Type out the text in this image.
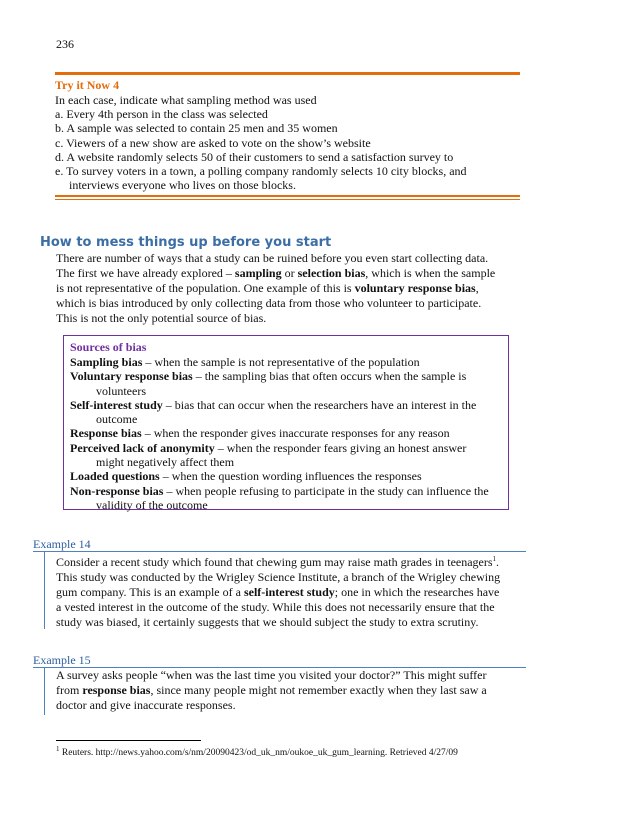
236
Try it Now 4
In each case, indicate what sampling method was used
a. Every 4th person in the class was selected
b. A sample was selected to contain 25 men and 35 women
c. Viewers of a new show are asked to vote on the show’s website
d. A website randomly selects 50 of their customers to send a satisfaction survey to
e. To survey voters in a town, a polling company randomly selects 10 city blocks, and
interviews everyone who lives on those blocks.
How to mess things up before you start
There are number of ways that a study can be ruined before you even start collecting data.
The first we have already explored – sampling or selection bias, which is when the sample
is not representative of the population. One example of this is voluntary response bias,
which is bias introduced by only collecting data from those who volunteer to participate.
This is not the only potential source of bias.
Sources of bias
Sampling bias – when the sample is not representative of the population
Voluntary response bias – the sampling bias that often occurs when the sample is
volunteers
Self-interest study – bias that can occur when the researchers have an interest in the
outcome
Response bias – when the responder gives inaccurate responses for any reason
Perceived lack of anonymity – when the responder fears giving an honest answer
might negatively affect them
Loaded questions – when the question wording influences the responses
Non-response bias – when people refusing to participate in the study can influence the
validity of the outcome
Example 14
Consider a recent study which found that chewing gum may raise math grades in teenagers$^1$.
This study was conducted by the Wrigley Science Institute, a branch of the Wrigley chewing
gum company. This is an example of a self-interest study; one in which the researches have
a vested interest in the outcome of the study. While this does not necessarily ensure that the
study was biased, it certainly suggests that we should subject the study to extra scrutiny.
Example 15
A survey asks people “when was the last time you visited your doctor?” This might suffer
from response bias, since many people might not remember exactly when they last saw a
doctor and give inaccurate responses.
$^1$ Reuters. http://news.yahoo.com/s/nm/20090423/od_uk_nm/oukoe_uk_gum_learning. Retrieved 4/27/09
